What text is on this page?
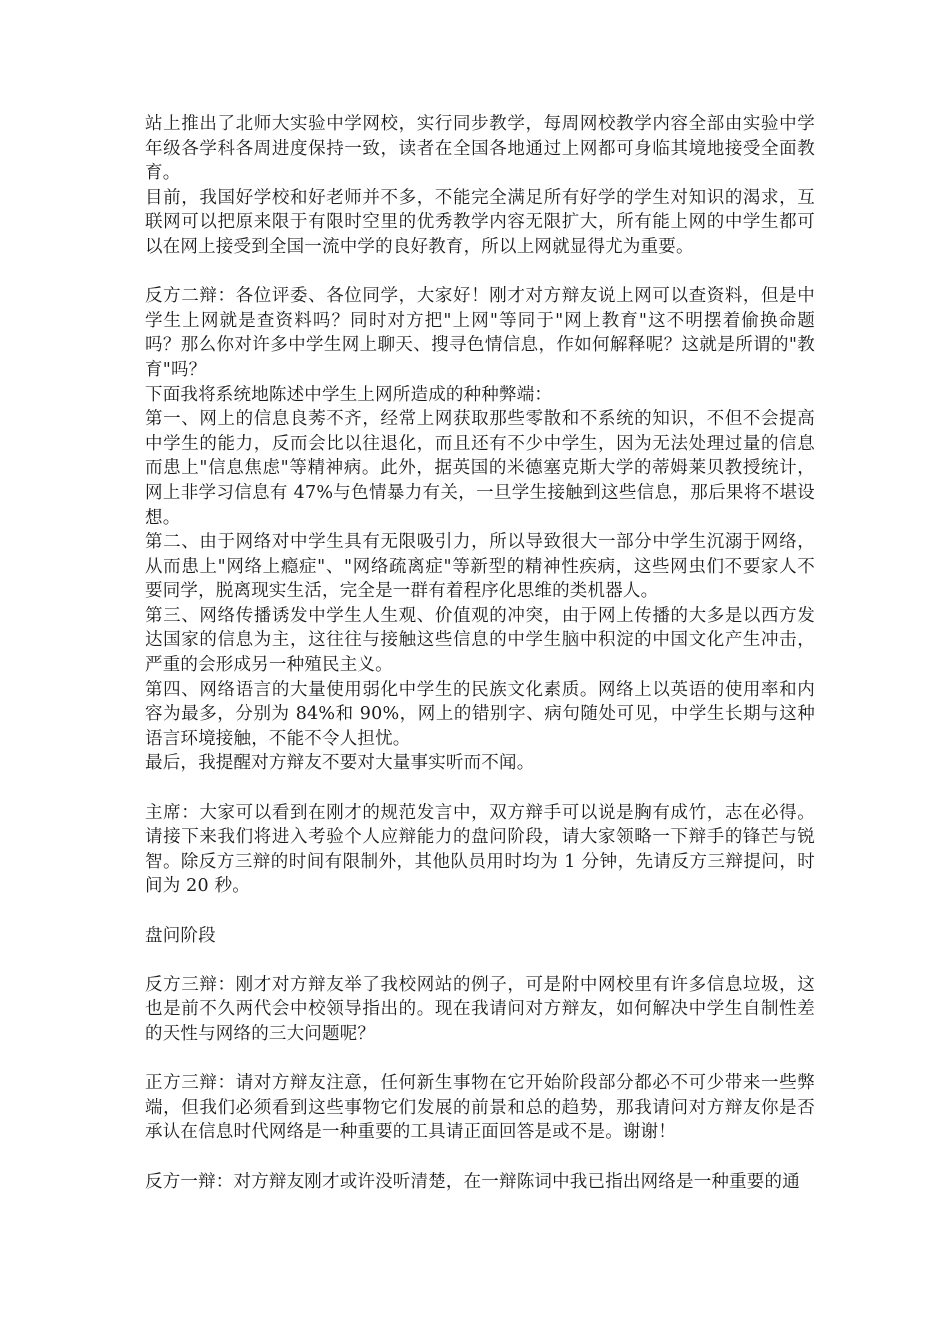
站上推出了北师大实验中学网校，实行同步教学，每周网校教学内容全部由实验中学年级各学科各周进度保持一致，读者在全国各地通过上网都可身临其境地接受全面教育。

目前，我国好学校和好老师并不多，不能完全满足所有好学的学生对知识的渴求，互联网可以把原来限于有限时空里的优秀教学内容无限扩大，所有能上网的中学生都可以在网上接受到全国一流中学的良好教育，所以上网就显得尤为重要。

反方二辩：各位评委、各位同学，大家好！刚才对方辩友说上网可以查资料，但是中学生上网就是查资料吗？同时对方把"上网"等同于"网上教育"这不明摆着偷换命题吗？那么你对许多中学生网上聊天、搜寻色情信息，作如何解释呢？这就是所谓的"教育"吗？

下面我将系统地陈述中学生上网所造成的种种弊端：

第一、网上的信息良莠不齐，经常上网获取那些零散和不系统的知识，不但不会提高中学生的能力，反而会比以往退化，而且还有不少中学生，因为无法处理过量的信息而患上"信息焦虑"等精神病。此外，据英国的米德塞克斯大学的蒂姆莱贝教授统计，网上非学习信息有 47%与色情暴力有关，一旦学生接触到这些信息，那后果将不堪设想。

第二、由于网络对中学生具有无限吸引力，所以导致很大一部分中学生沉溺于网络，从而患上"网络上瘾症"、"网络疏离症"等新型的精神性疾病，这些网虫们不要家人不要同学，脱离现实生活，完全是一群有着程序化思维的类机器人。

第三、网络传播诱发中学生人生观、价值观的冲突，由于网上传播的大多是以西方发达国家的信息为主，这往往与接触这些信息的中学生脑中积淀的中国文化产生冲击，严重的会形成另一种殖民主义。

第四、网络语言的大量使用弱化中学生的民族文化素质。网络上以英语的使用率和内容为最多，分别为 84%和 90%，网上的错别字、病句随处可见，中学生长期与这种语言环境接触，不能不令人担忧。

最后，我提醒对方辩友不要对大量事实听而不闻。

主席：大家可以看到在刚才的规范发言中，双方辩手可以说是胸有成竹，志在必得。请接下来我们将进入考验个人应辩能力的盘问阶段，请大家领略一下辩手的锋芒与锐智。除反方三辩的时间有限制外，其他队员用时均为 1 分钟，先请反方三辩提问，时间为 20 秒。

盘问阶段

反方三辩：刚才对方辩友举了我校网站的例子，可是附中网校里有许多信息垃圾，这也是前不久两代会中校领导指出的。现在我请问对方辩友，如何解决中学生自制性差的天性与网络的三大问题呢？

正方三辩：请对方辩友注意，任何新生事物在它开始阶段部分都必不可少带来一些弊端，但我们必须看到这些事物它们发展的前景和总的趋势，那我请问对方辩友你是否承认在信息时代网络是一种重要的工具请正面回答是或不是。谢谢！

反方一辩：对方辩友刚才或许没听清楚，在一辩陈词中我已指出网络是一种重要的通
